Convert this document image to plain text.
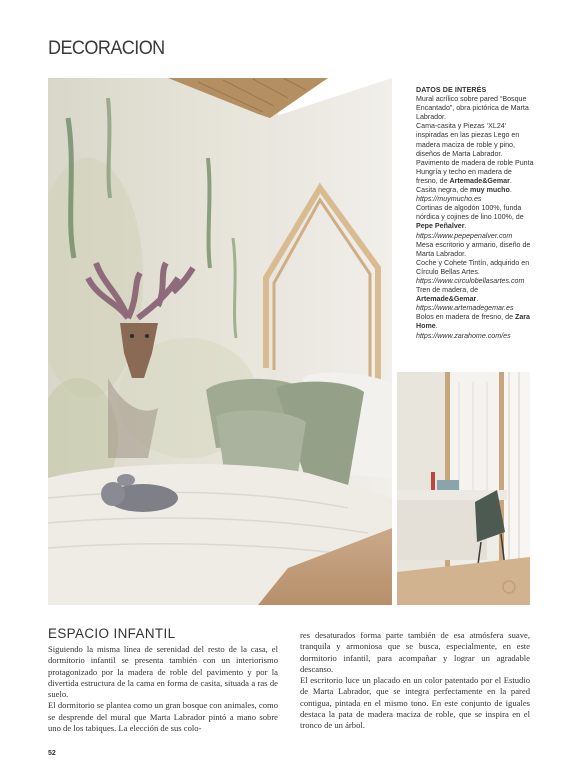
DECORACION
DATOS DE INTERÉS
Mural acrílico sobre pared “Bosque Encantado”, obra pictórica de Marta Labrador.
Cama-casita y Piezas ‘XL24’ inspiradas en las piezas Lego en madera maciza de roble y pino, diseños de Marta Labrador.
Pavimento de madera de roble Punta Hungría y techo en madera de fresno, de Artemade&Gemar.
Casita negra, de muy mucho.
https://muymucho.es
Cortinas de algodón 100%, funda nórdica y cojines de lino 100%, de Pepe Peñalver.
https://www.pepepenalver.com
Mesa escritorio y armario, diseño de Marta Labrador.
Coche y Cohete Tintín, adquirido en Círculo Bellas Artes.
https://www.circulobellasartes.com
Tren de madera, de Artemade&Gemar.
https://www.artemadegemar.es
Bolos en madera de fresno, de Zara Home.
https://www.zarahome.com/es
ESPACIO INFANTIL

Siguiendo la misma línea de serenidad del resto de la casa, el dormitorio infantil se presenta también con un interiorismo protagonizado por la madera de roble del pavimento y por la divertida estructura de la cama en forma de casita, situada a ras de suelo.

El dormitorio se plantea como un gran bosque con animales, como se desprende del mural que Marta Labrador pintó a mano sobre uno de los tabiques. La elección de sus colo-

res desaturados forma parte también de esa atmósfera suave, tranquila y armoniosa que se busca, especialmente, en este dormitorio infantil, para acompañar y lograr un agradable descanso.

El escritorio luce un placado en un color patentado por el Estudio de Marta Labrador, que se integra perfectamente en la pared contigua, pintada en el mismo tono. En este conjunto de iguales destaca la pata de madera maciza de roble, que se inspira en el tronco de un árbol.

52
